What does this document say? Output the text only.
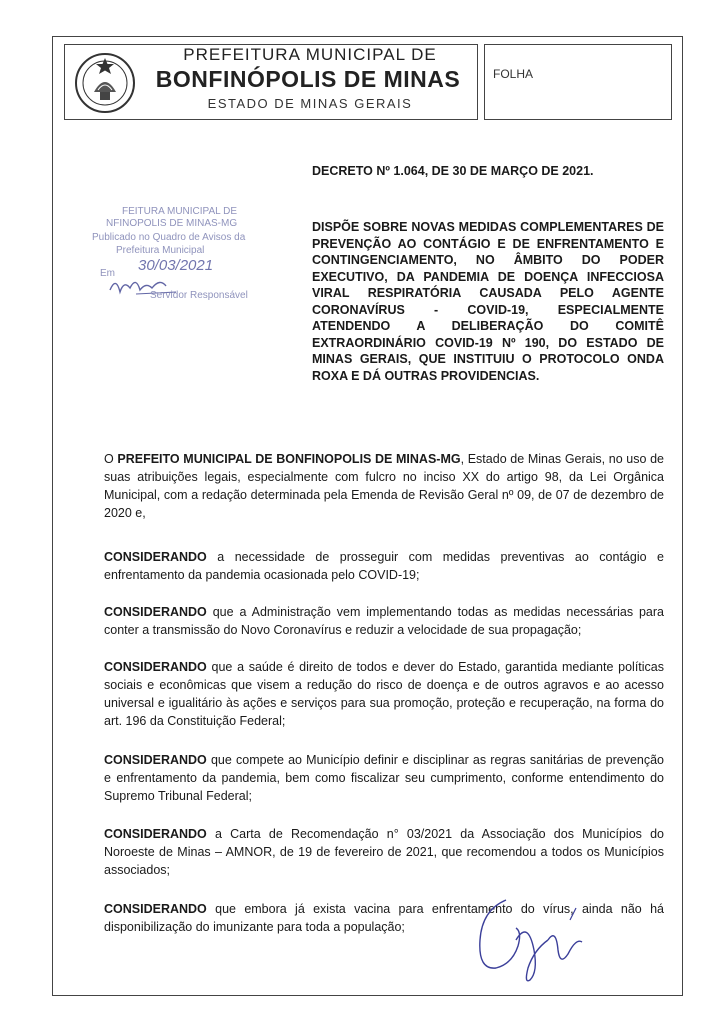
FOLHA
PREFEITURA MUNICIPAL DE
BONFINÓPOLIS DE MINAS
ESTADO DE MINAS GERAIS
FEITURA MUNICIPAL DE
NFINOPOLIS DE MINAS-MG
Publicado no Quadro de Avisos da
Prefeitura Municipal
Em 30/03/2021
Servidor Responsável
DECRETO Nº 1.064, DE 30 DE MARÇO DE 2021.
DISPÕE SOBRE NOVAS MEDIDAS COMPLEMENTARES DE PREVENÇÃO AO CONTÁGIO E DE ENFRENTAMENTO E CONTINGENCIAMENTO, NO ÂMBITO DO PODER EXECUTIVO, DA PANDEMIA DE DOENÇA INFECCIOSA VIRAL RESPIRATÓRIA CAUSADA PELO AGENTE CORONAVÍRUS - COVID-19, ESPECIALMENTE ATENDENDO A DELIBERAÇÃO DO COMITÊ EXTRAORDINÁRIO COVID-19 Nº 190, DO ESTADO DE MINAS GERAIS, QUE INSTITUIU O PROTOCOLO ONDA ROXA E DÁ OUTRAS PROVIDENCIAS.

O PREFEITO MUNICIPAL DE BONFINOPOLIS DE MINAS-MG, Estado de Minas Gerais, no uso de suas atribuições legais, especialmente com fulcro no inciso XX do artigo 98, da Lei Orgânica Municipal, com a redação determinada pela Emenda de Revisão Geral nº 09, de 07 de dezembro de 2020 e,

CONSIDERANDO a necessidade de prosseguir com medidas preventivas ao contágio e enfrentamento da pandemia ocasionada pelo COVID-19;

CONSIDERANDO que a Administração vem implementando todas as medidas necessárias para conter a transmissão do Novo Coronavírus e reduzir a velocidade de sua propagação;

CONSIDERANDO que a saúde é direito de todos e dever do Estado, garantida mediante políticas sociais e econômicas que visem a redução do risco de doença e de outros agravos e ao acesso universal e igualitário às ações e serviços para sua promoção, proteção e recuperação, na forma do art. 196 da Constituição Federal;

CONSIDERANDO que compete ao Município definir e disciplinar as regras sanitárias de prevenção e enfrentamento da pandemia, bem como fiscalizar seu cumprimento, conforme entendimento do Supremo Tribunal Federal;

CONSIDERANDO a Carta de Recomendação n° 03/2021 da Associação dos Municípios do Noroeste de Minas – AMNOR, de 19 de fevereiro de 2021, que recomendou a todos os Municípios associados;

CONSIDERANDO que embora já exista vacina para enfrentamento do vírus, ainda não há disponibilização do imunizante para toda a população;
